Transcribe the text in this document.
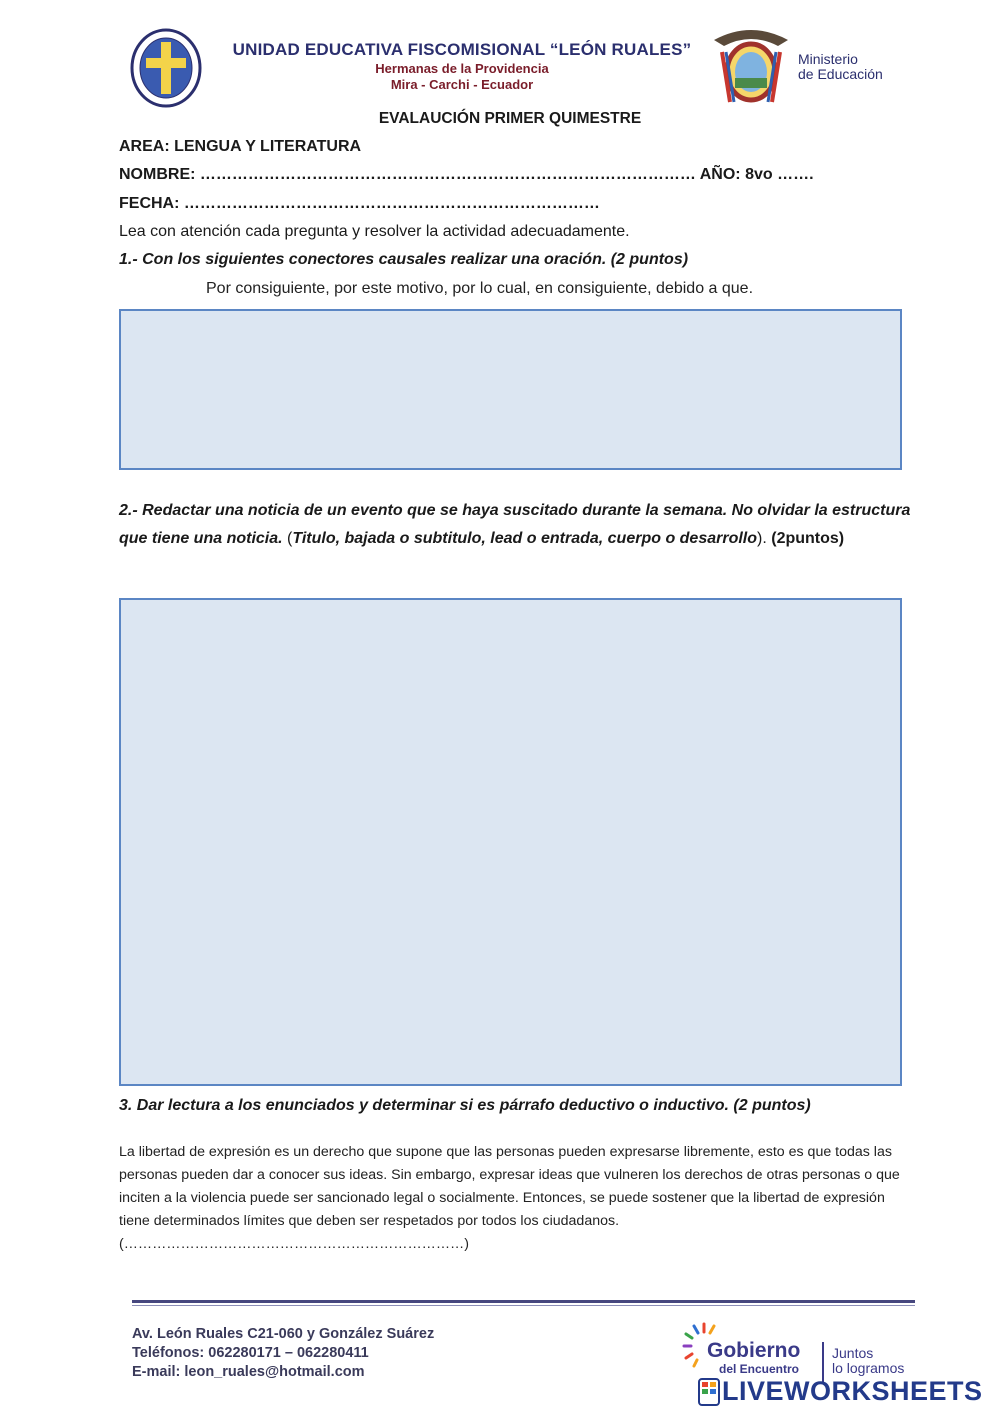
UNIDAD EDUCATIVA FISCOMISIONAL “LEÓN RUALES”
Hermanas de la Providencia
Mira - Carchi - Ecuador
Ministerio
de Educación
EVALAUCIÓN PRIMER QUIMESTRE
AREA: LENGUA Y LITERATURA
NOMBRE: ………………………………………………………………………………… AÑO: 8vo …….
FECHA: ……………………………………………………………………
Lea con atención cada pregunta y resolver la actividad adecuadamente.
1.- Con los siguientes conectores causales realizar una oración. (2 puntos)
Por consiguiente, por este motivo, por lo cual, en consiguiente, debido a que.
2.- Redactar una noticia de un evento que se haya suscitado durante la semana. No olvidar la estructura que tiene una noticia. (Titulo, bajada o subtitulo, lead o entrada, cuerpo o desarrollo). (2puntos)
3. Dar lectura a los enunciados y determinar si es párrafo deductivo o inductivo. (2 puntos)
La libertad de expresión es un derecho que supone que las personas pueden expresarse libremente, esto es que todas las personas pueden dar a conocer sus ideas. Sin embargo, expresar ideas que vulneren los derechos de otras personas o que inciten a la violencia puede ser sancionado legal o socialmente. Entonces, se puede sostener que la libertad de expresión tiene determinados límites que deben ser respetados por todos los ciudadanos. (………………………………………………………………)
Av. León Ruales C21-060 y González Suárez
Teléfonos: 062280171 – 062280411
E-mail: leon_ruales@hotmail.com
Gobierno
del Encuentro
Juntos
lo logramos
LIVEWORKSHEETS
